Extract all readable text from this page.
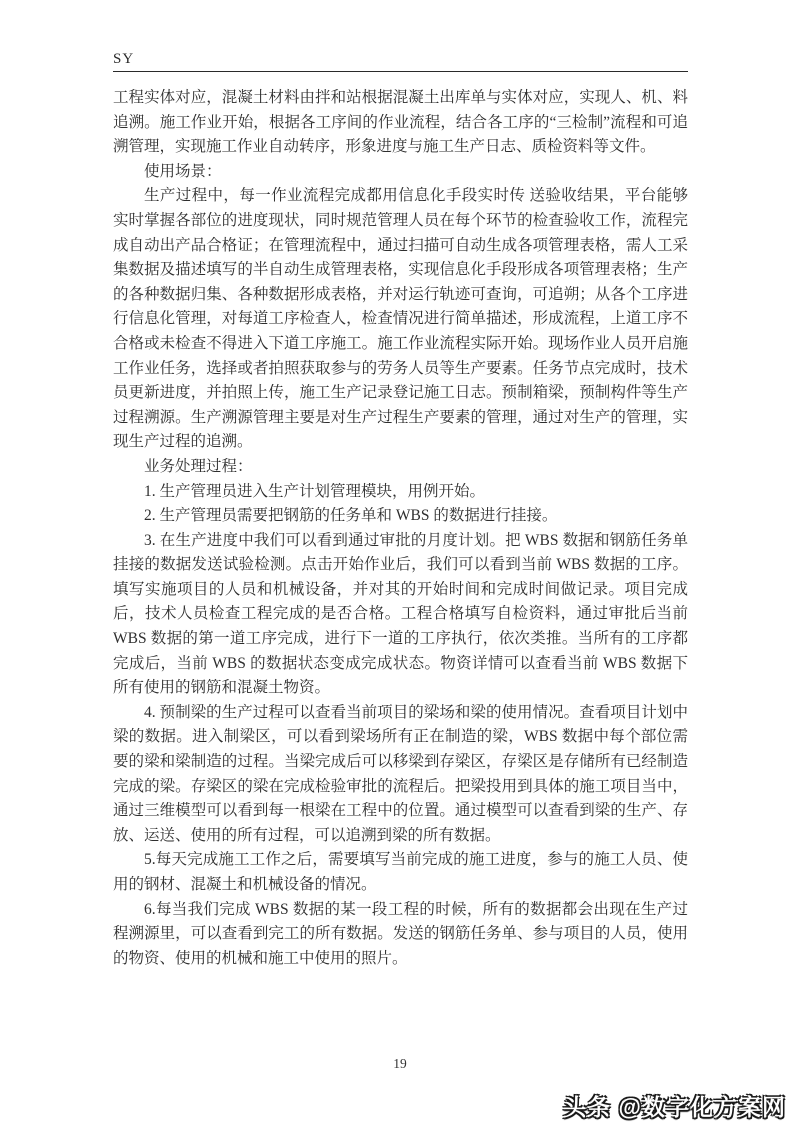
SY

工程实体对应，混凝土材料由拌和站根据混凝土出库单与实体对应，实现人、机、料 追溯。施工作业开始，根据各工序间的作业流程，结合各工序的“三检制”流程和可追溯管理，实现施工作业自动转序，形象进度与施工生产日志、质检资料等文件。

使用场景：

生产过程中，每一作业流程完成都用信息化手段实时传 送验收结果，平台能够实时掌握各部位的进度现状，同时规范管理人员在每个环节的检查验收工作，流程完成自动出产品合格证；在管理流程中，通过扫描可自动生成各项管理表格，需人工采集数据及描述填写的半自动生成管理表格，实现信息化手段形成各项管理表格；生产的各种数据归集、各种数据形成表格，并对运行轨迹可查询，可追朔；从各个工序进行信息化管理，对每道工序检查人，检查情况进行简单描述，形成流程，上道工序不合格或未检查不得进入下道工序施工。施工作业流程实际开始。现场作业人员开启施工作业任务，选择或者拍照获取参与的劳务人员等生产要素。任务节点完成时，技术员更新进度，并拍照上传，施工生产记录登记施工日志。预制箱梁，预制构件等生产过程溯源。生产溯源管理主要是对生产过程生产要素的管理，通过对生产的管理，实现生产过程的追溯。

业务处理过程：

1. 生产管理员进入生产计划管理模块，用例开始。

2. 生产管理员需要把钢筋的任务单和 WBS 的数据进行挂接。

3. 在生产进度中我们可以看到通过审批的月度计划。把 WBS 数据和钢筋任务单挂接的数据发送试验检测。点击开始作业后，我们可以看到当前 WBS 数据的工序。填写实施项目的人员和机械设备，并对其的开始时间和完成时间做记录。项目完成后，技术人员检查工程完成的是否合格。工程合格填写自检资料，通过审批后当前 WBS 数据的第一道工序完成，进行下一道的工序执行，依次类推。当所有的工序都完成后，当前 WBS 的数据状态变成完成状态。物资详情可以查看当前 WBS 数据下所有使用的钢筋和混凝土物资。

4. 预制梁的生产过程可以查看当前项目的梁场和梁的使用情况。查看项目计划中梁的数据。进入制梁区，可以看到梁场所有正在制造的梁，WBS 数据中每个部位需要的梁和梁制造的过程。当梁完成后可以移梁到存梁区，存梁区是存储所有已经制造完成的梁。存梁区的梁在完成检验审批的流程后。把梁投用到具体的施工项目当中，通过三维模型可以看到每一根梁在工程中的位置。通过模型可以查看到梁的生产、存放、运送、使用的所有过程，可以追溯到梁的所有数据。

5.每天完成施工工作之后，需要填写当前完成的施工进度，参与的施工人员、使用的钢材、混凝土和机械设备的情况。

6.每当我们完成 WBS 数据的某一段工程的时候，所有的数据都会出现在生产过程溯源里，可以查看到完工的所有数据。发送的钢筋任务单、参与项目的人员，使用的物资、使用的机械和施工中使用的照片。

19
头条 @数字化方案网
